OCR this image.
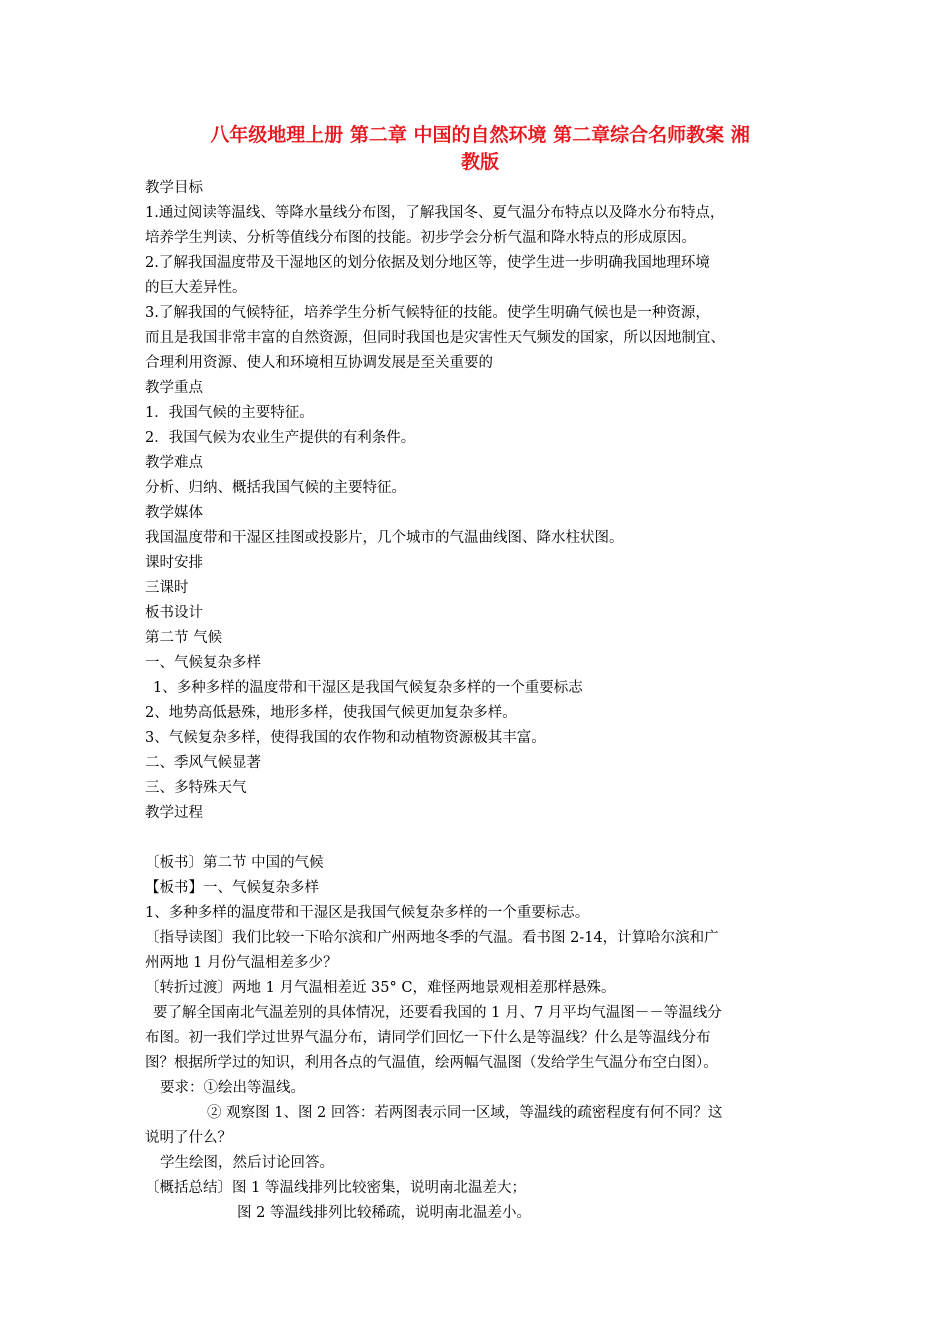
八年级地理上册 第二章 中国的自然环境 第二章综合名师教案 湘
教版
教学目标
1.通过阅读等温线、等降水量线分布图，了解我国冬、夏气温分布特点以及降水分布特点，
培养学生判读、分析等值线分布图的技能。初步学会分析气温和降水特点的形成原因。
2.了解我国温度带及干湿地区的划分依据及划分地区等，使学生进一步明确我国地理环境
的巨大差异性。
3.了解我国的气候特征，培养学生分析气候特征的技能。使学生明确气候也是一种资源，
而且是我国非常丰富的自然资源，但同时我国也是灾害性天气频发的国家，所以因地制宜、
合理利用资源、使人和环境相互协调发展是至关重要的
教学重点
1．我国气候的主要特征。
2．我国气候为农业生产提供的有利条件。
教学难点
分析、归纳、概括我国气候的主要特征。
教学媒体
我国温度带和干湿区挂图或投影片，几个城市的气温曲线图、降水柱状图。
课时安排
三课时
板书设计
第二节 气候
一、气候复杂多样
1、多种多样的温度带和干湿区是我国气候复杂多样的一个重要标志
2、地势高低悬殊，地形多样，使我国气候更加复杂多样。
3、气候复杂多样，使得我国的农作物和动植物资源极其丰富。
二、季风气候显著
三、多特殊天气
教学过程
〔板书〕第二节 中国的气候
【板书】一、气候复杂多样
1、多种多样的温度带和干湿区是我国气候复杂多样的一个重要标志。
〔指导读图〕我们比较一下哈尔滨和广州两地冬季的气温。看书图 2-14，计算哈尔滨和广
州两地 1 月份气温相差多少？
〔转折过渡〕两地 1 月气温相差近 35° C，难怪两地景观相差那样悬殊。
要了解全国南北气温差别的具体情况，还要看我国的 1 月、7 月平均气温图－－等温线分
布图。初一我们学过世界气温分布，请同学们回忆一下什么是等温线？什么是等温线分布
图？根据所学过的知识，利用各点的气温值，绘两幅气温图（发给学生气温分布空白图）。
要求：①绘出等温线。
② 观察图 1、图 2 回答：若两图表示同一区域，等温线的疏密程度有何不同？这
说明了什么？
学生绘图，然后讨论回答。
〔概括总结〕图 1 等温线排列比较密集，说明南北温差大；
图 2 等温线排列比较稀疏，说明南北温差小。
